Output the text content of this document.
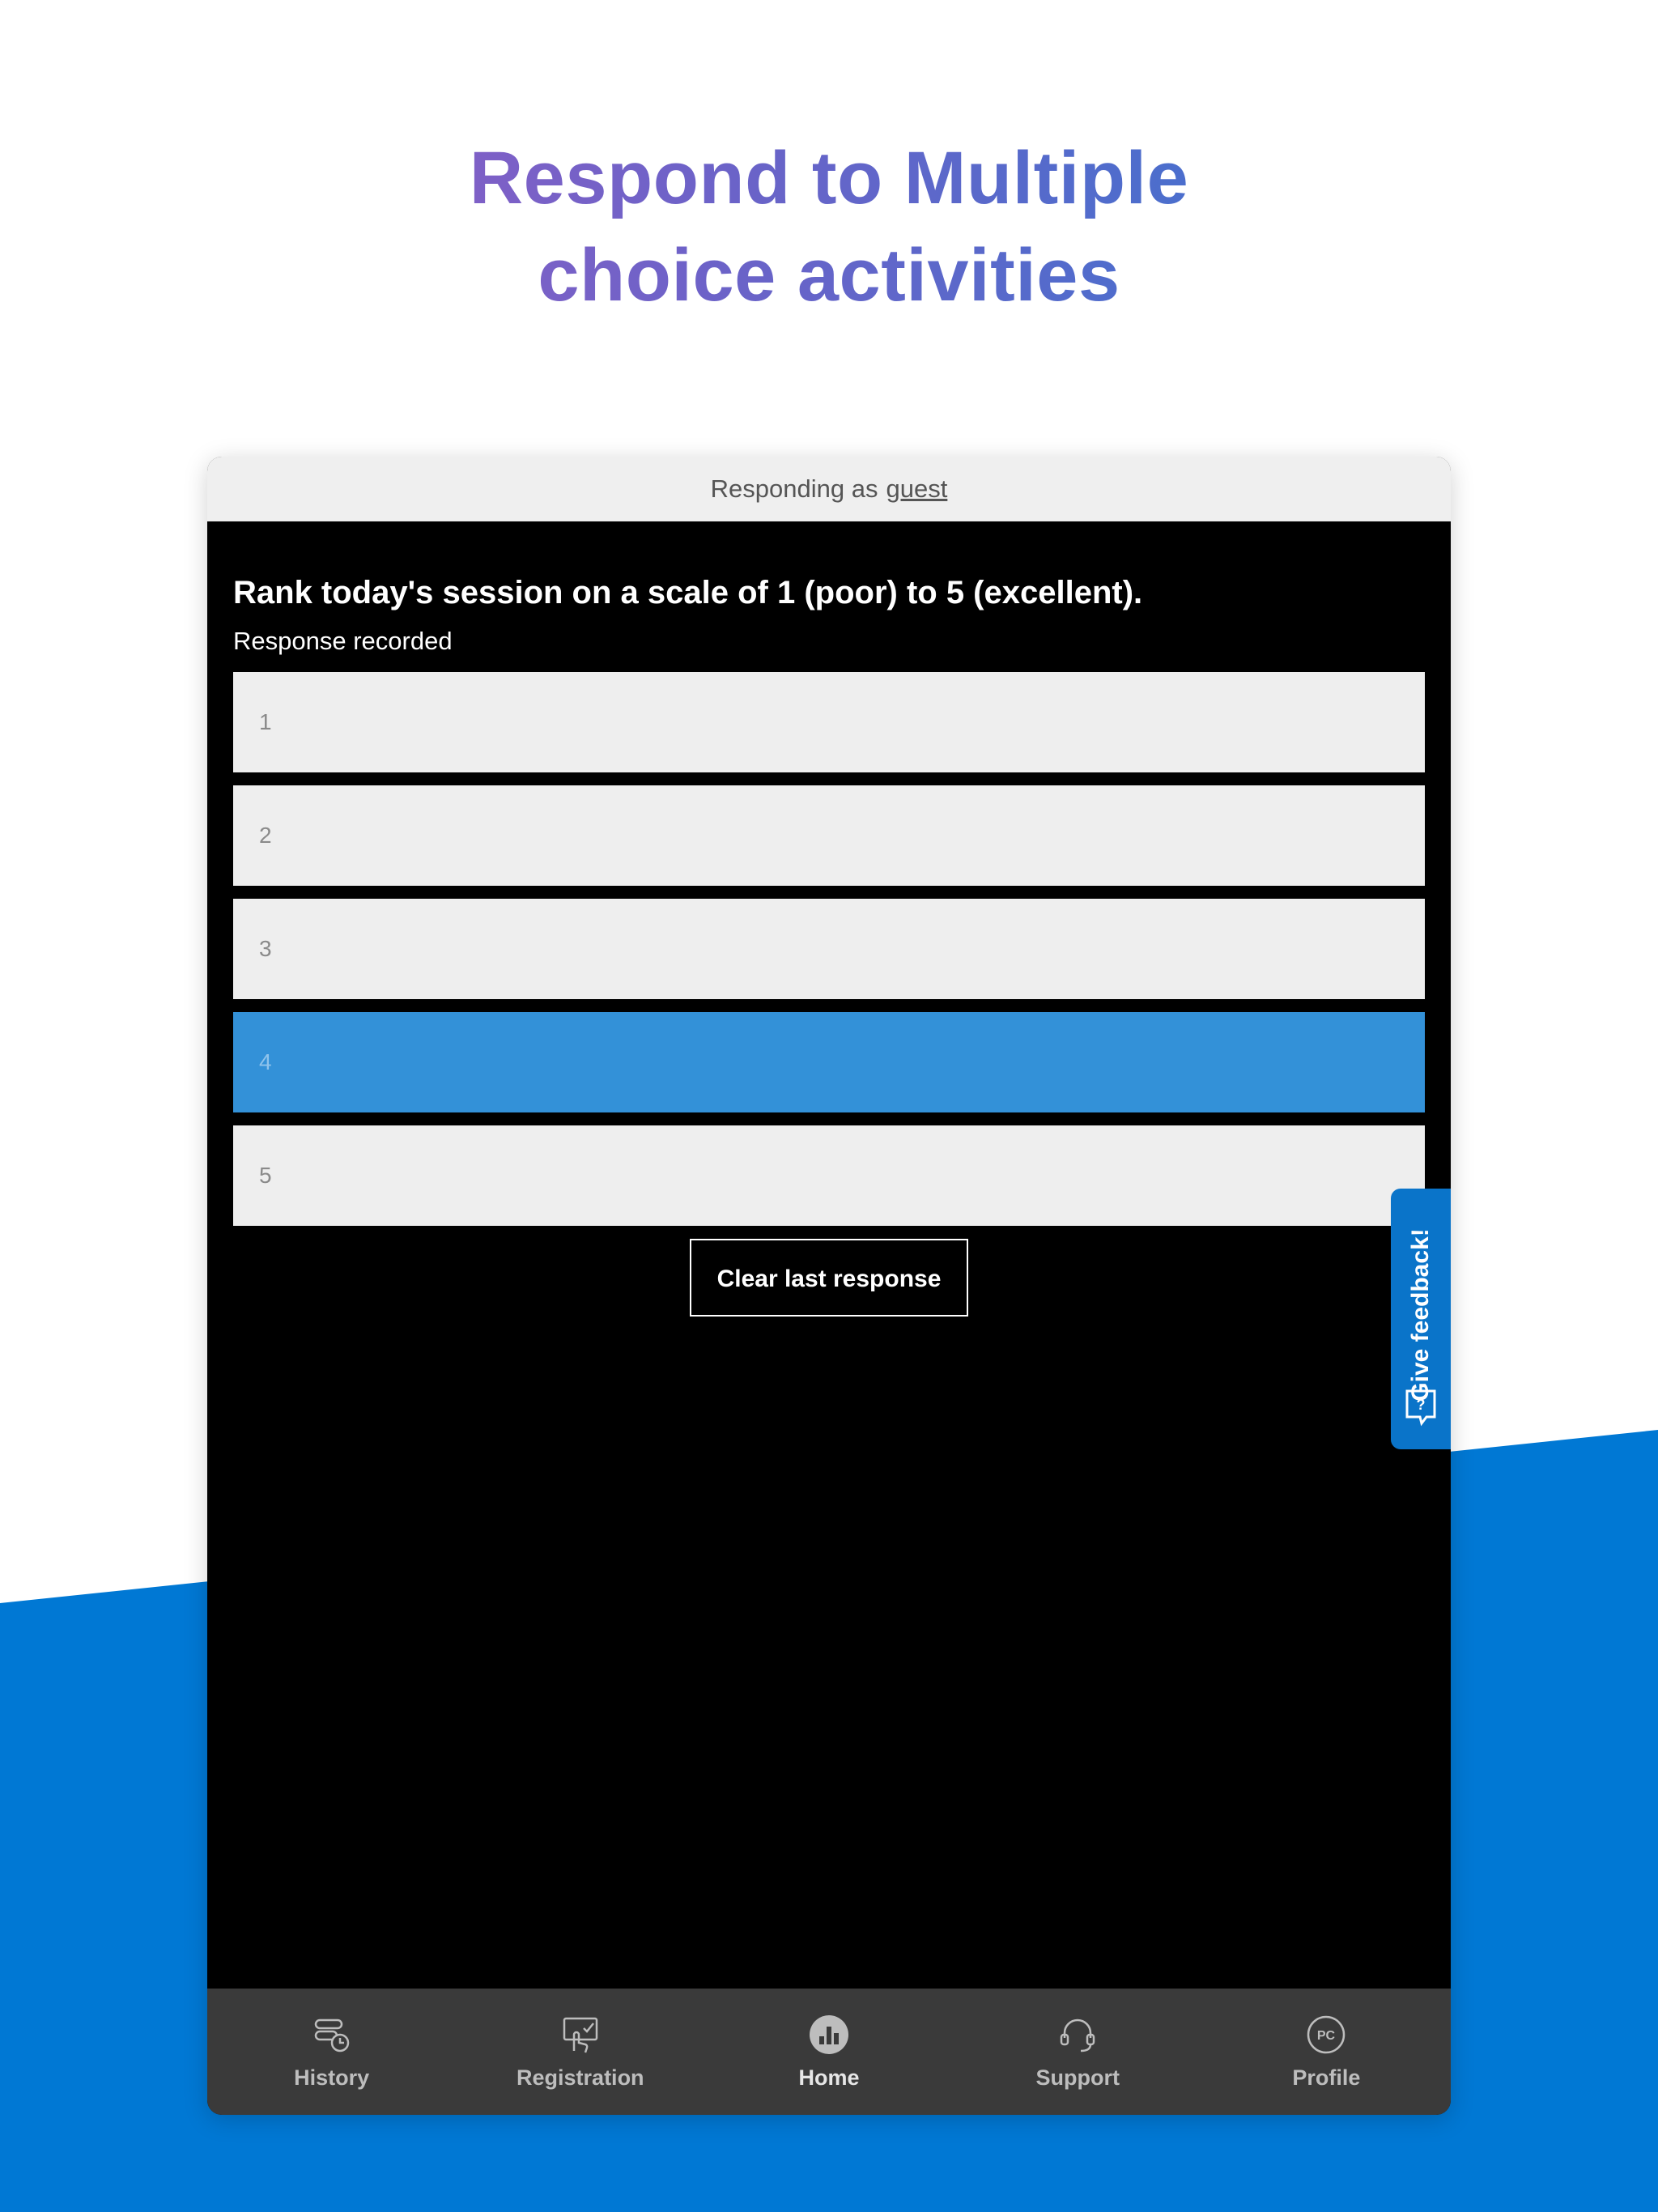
Respond to Multiple
choice activities
Responding as guest
Rank today's session on a scale of 1 (poor) to 5 (excellent).
Response recorded
1
2
3
4
5
Clear last response
History	Registration	Home	Support
PC
Profile
Give feedback!
?
